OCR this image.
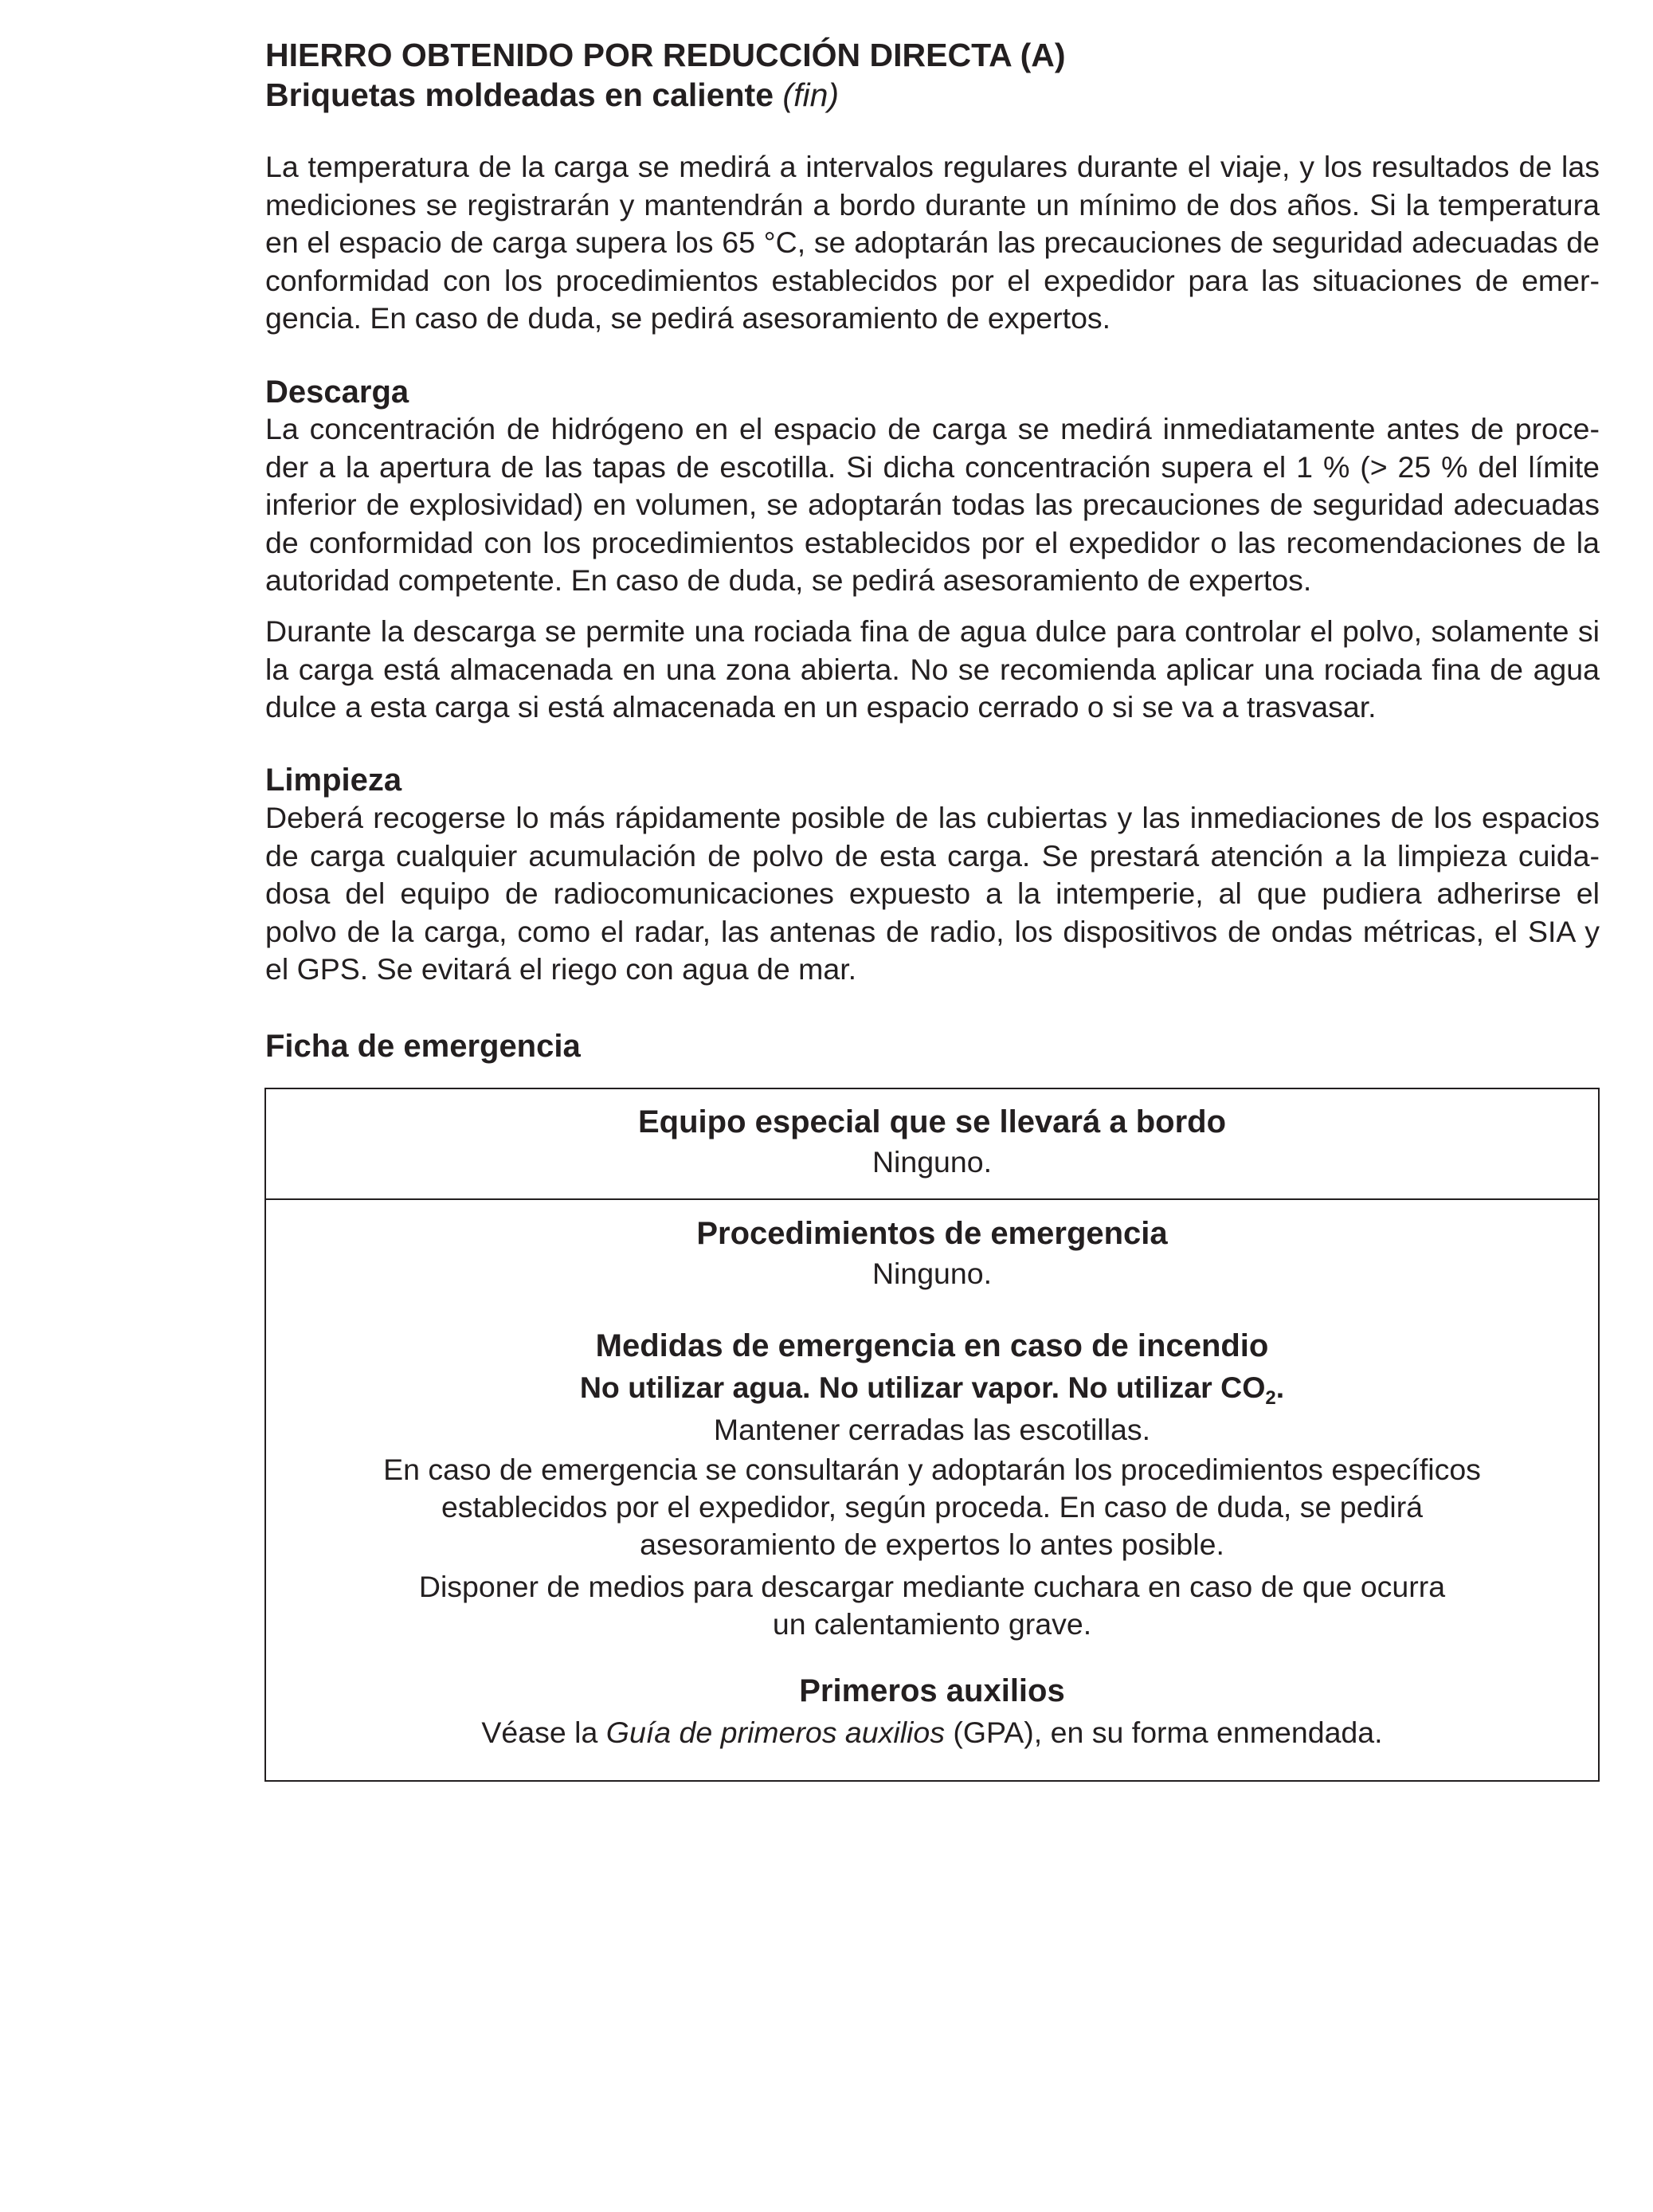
HIERRO OBTENIDO POR REDUCCIÓN DIRECTA (A)
Briquetas moldeadas en caliente (fin)
La temperatura de la carga se medirá a intervalos regulares durante el viaje, y los resultados de las
mediciones se registrarán y mantendrán a bordo durante un mínimo de dos años. Si la temperatura
en el espacio de carga supera los 65 °C, se adoptarán las precauciones de seguridad adecuadas de
conformidad con los procedimientos establecidos por el expedidor para las situaciones de emer-
gencia. En caso de duda, se pedirá asesoramiento de expertos.
Descarga
La concentración de hidrógeno en el espacio de carga se medirá inmediatamente antes de proce-
der a la apertura de las tapas de escotilla. Si dicha concentración supera el 1 % (> 25 % del límite
inferior de explosividad) en volumen, se adoptarán todas las precauciones de seguridad adecuadas
de conformidad con los procedimientos establecidos por el expedidor o las recomendaciones de la
autoridad competente. En caso de duda, se pedirá asesoramiento de expertos.
Durante la descarga se permite una rociada fina de agua dulce para controlar el polvo, solamente si
la carga está almacenada en una zona abierta. No se recomienda aplicar una rociada fina de agua
dulce a esta carga si está almacenada en un espacio cerrado o si se va a trasvasar.
Limpieza
Deberá recogerse lo más rápidamente posible de las cubiertas y las inmediaciones de los espacios
de carga cualquier acumulación de polvo de esta carga. Se prestará atención a la limpieza cuida-
dosa del equipo de radiocomunicaciones expuesto a la intemperie, al que pudiera adherirse el
polvo de la carga, como el radar, las antenas de radio, los dispositivos de ondas métricas, el SIA y
el GPS. Se evitará el riego con agua de mar.
Ficha de emergencia
Equipo especial que se llevará a bordo
Ninguno.
Procedimientos de emergencia
Ninguno.
Medidas de emergencia en caso de incendio
No utilizar agua. No utilizar vapor. No utilizar $CO_2$.
Mantener cerradas las escotillas.
En caso de emergencia se consultarán y adoptarán los procedimientos específicos
establecidos por el expedidor, según proceda. En caso de duda, se pedirá
asesoramiento de expertos lo antes posible.
Disponer de medios para descargar mediante cuchara en caso de que ocurra
un calentamiento grave.
Primeros auxilios
Véase la Guía de primeros auxilios (GPA), en su forma enmendada.
